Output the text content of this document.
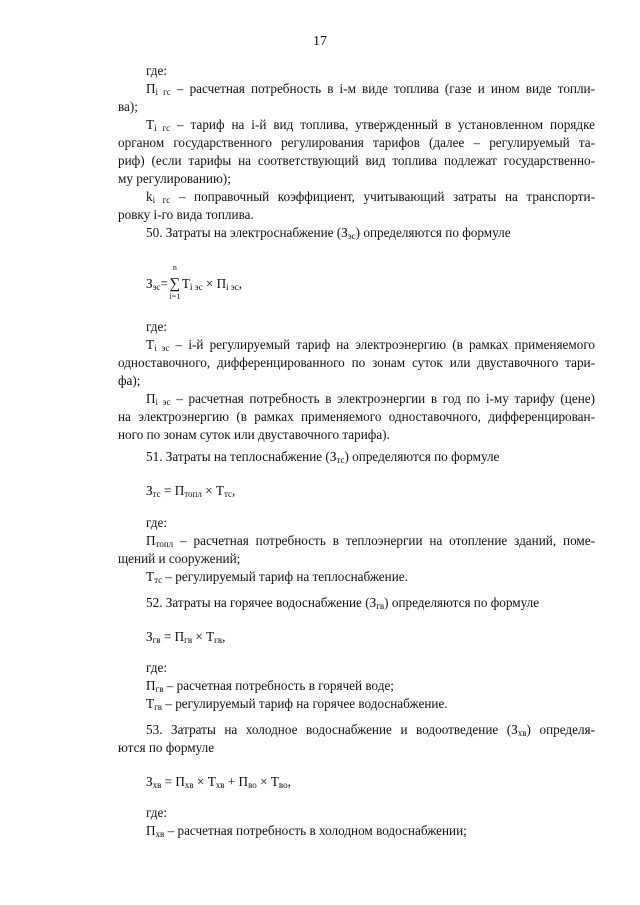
17

где:

$П_{i гс}$ – расчетная потребность в i-м виде топлива (газе и ином виде топли-
ва);
$Т_{i гс}$ – тариф на i-й вид топлива, утвержденный в установленном порядке
органом государственного регулирования тарифов (далее – регулируемый та-
риф) (если тарифы на соответствующий вид топлива подлежат государственно-
му регулированию);
$k_{i гс}$ – поправочный коэффициент, учитывающий затраты на транспорти-
ровку i-го вида топлива.

50. Затраты на электроснабжение $(З_{эс})$ определяются по формуле

$З_{эс}=$
n
∑
i=1
$Т_{i эс} \times П_{i эс}$,

где:

$Т_{i эс} - i-й$ регулируемый тариф на электроэнергию (в рамках применяемого
одноставочного, дифференцированного по зонам суток или двуставочного тари-
фа);
$П_{i эс}$ – расчетная потребность в электроэнергии в год по i-му тарифу (цене)
на электроэнергию (в рамках применяемого одноставочного, дифференцирован-
ного по зонам суток или двуставочного тарифа).

51. Затраты на теплоснабжение $(З_{тс})$ определяются по формуле

$З_{тс} = П_{топл} \times Т_{тс}$,

где:

$П_{топл}$ – расчетная потребность в теплоэнергии на отопление зданий, поме-
щений и сооружений;

$Т_{тс}$ – регулируемый тариф на теплоснабжение.

52. Затраты на горячее водоснабжение $(З_{гв})$ определяются по формуле

$З_{гв} = П_{гв} \times Т_{гв}$,

где:

$П_{гв}$ – расчетная потребность в горячей воде;

$Т_{гв}$ – регулируемый тариф на горячее водоснабжение.

53. Затраты на холодное водоснабжение и водоотведение $(З_{хв})$ определя-
ются по формуле

$З_{хв} = П_{хв} \times Т_{хв} + П_{во} \times Т_{во}$,

где:

$П_{хв}$ – расчетная потребность в холодном водоснабжении;
